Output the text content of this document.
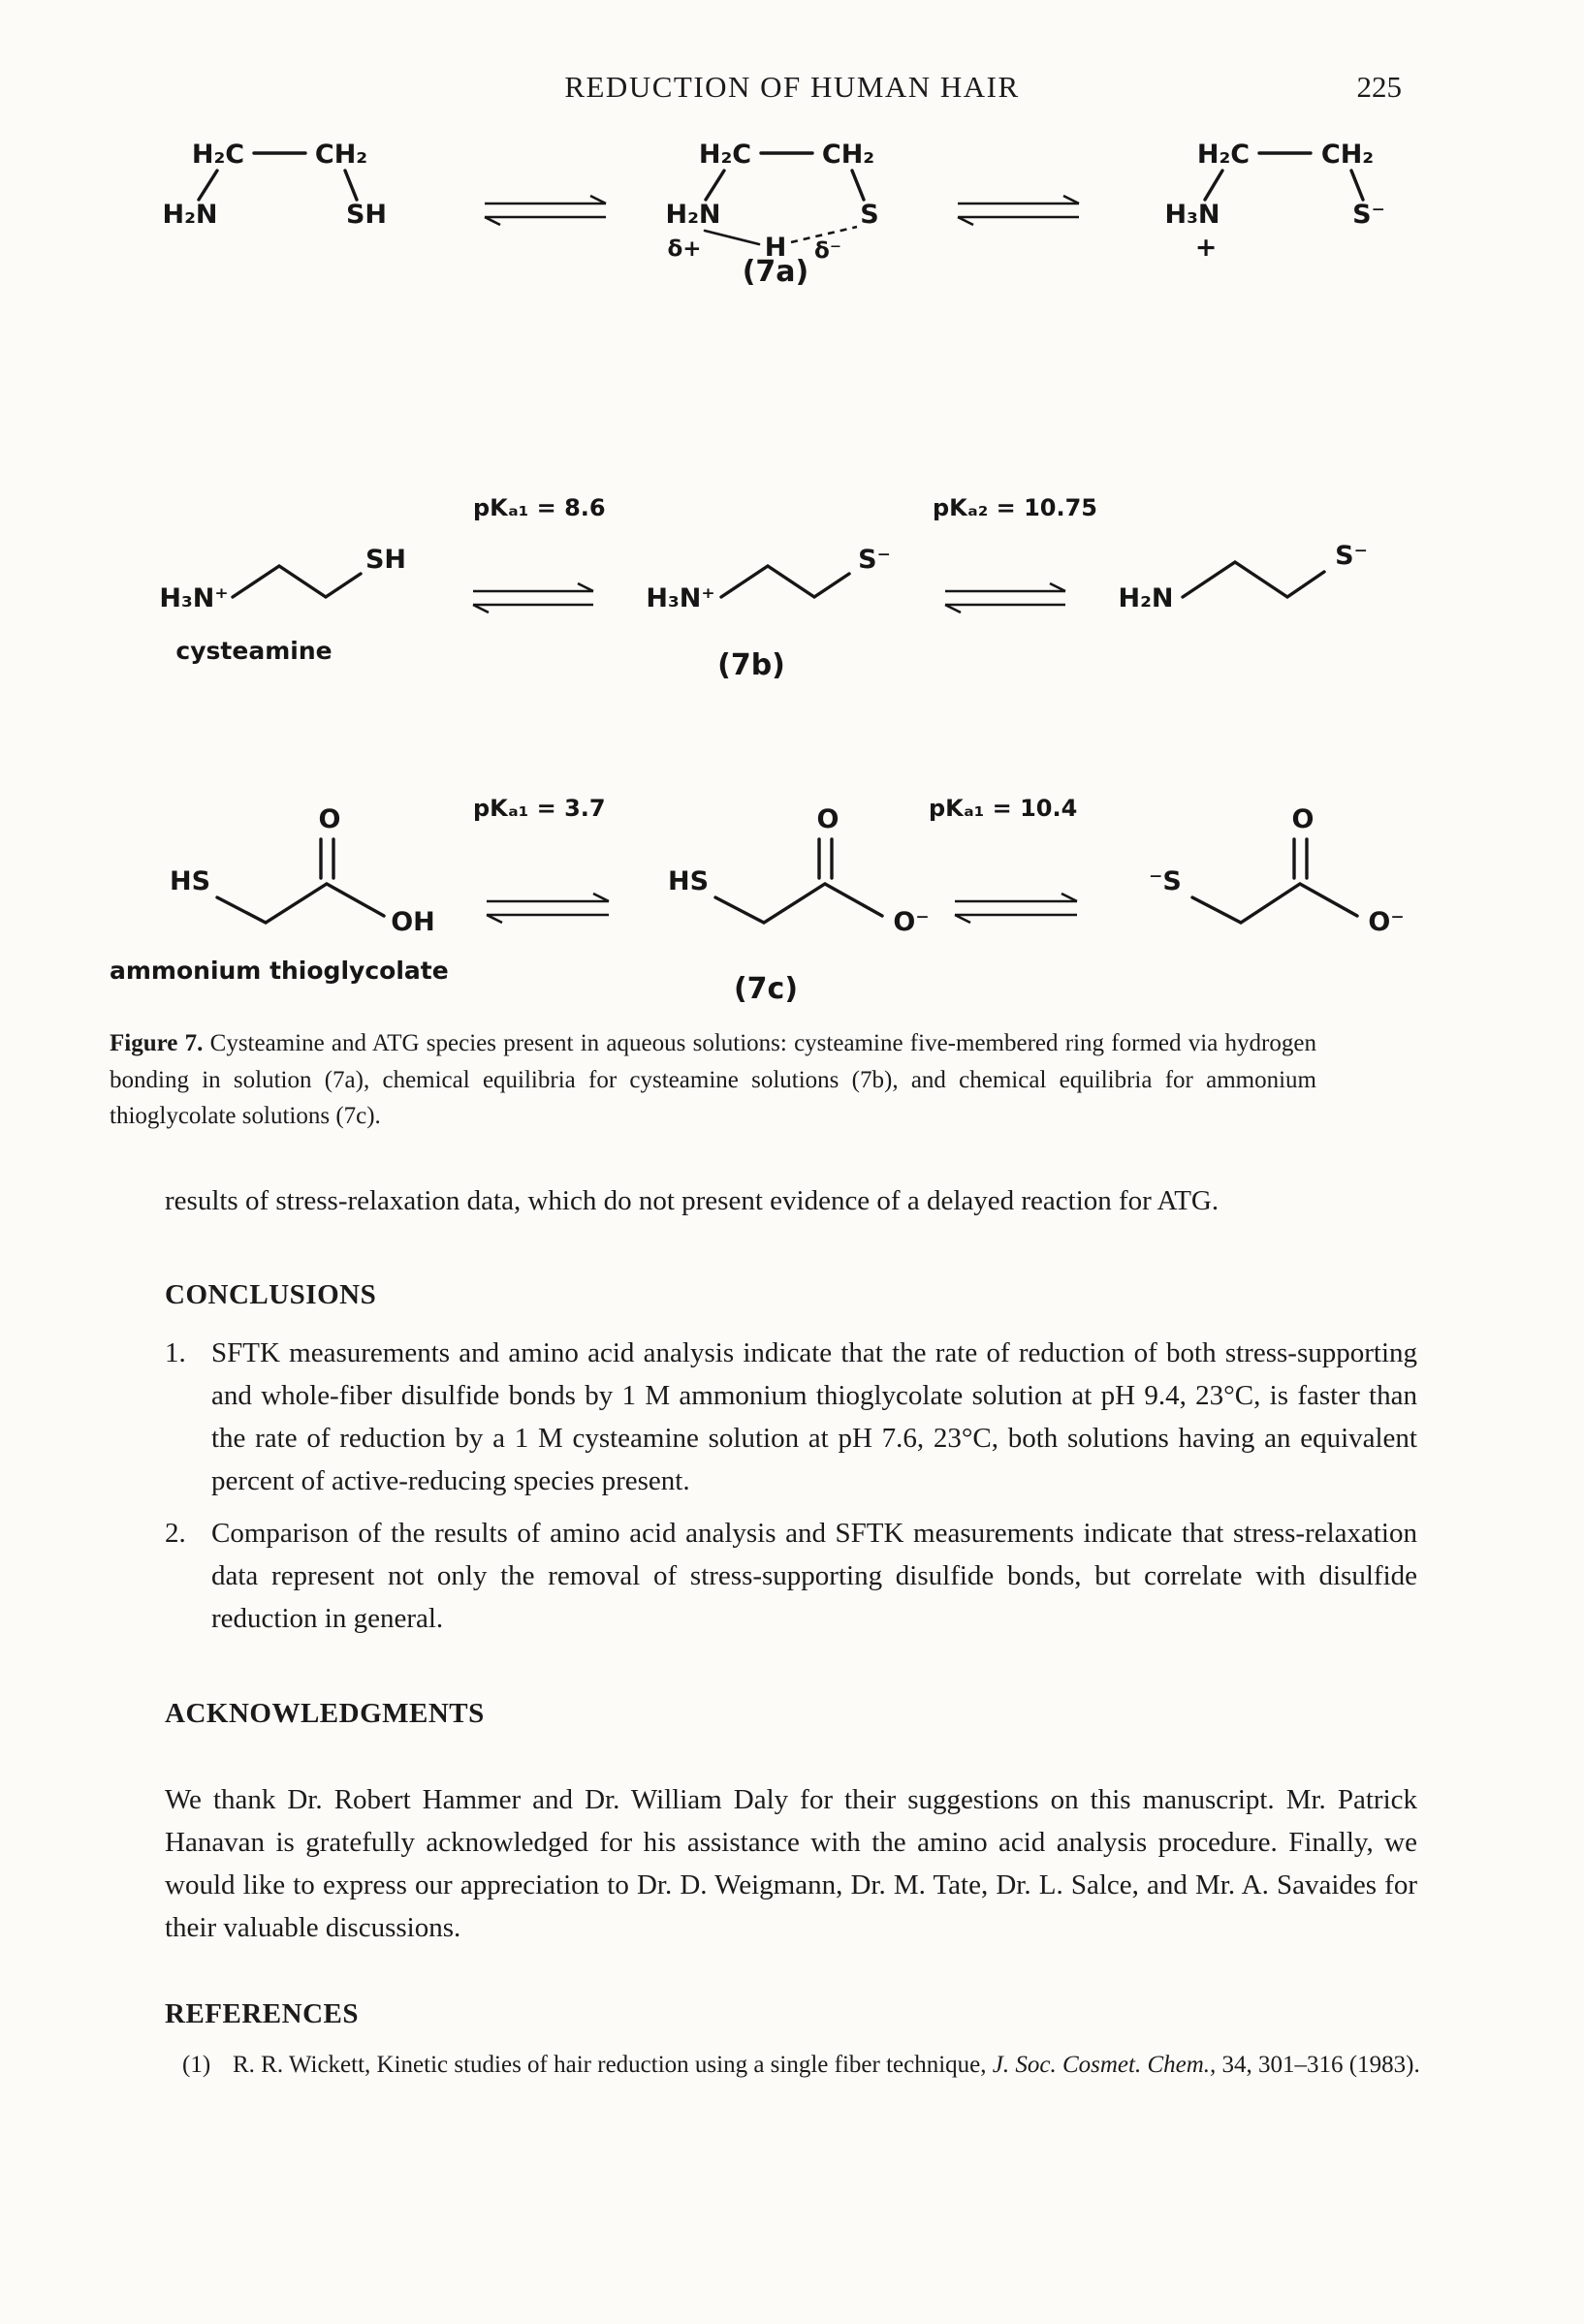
REDUCTION OF HUMAN HAIR	225
H₂C	CH₂
H₂N	SH
H₂C	CH₂
H₂N	S
δ+ H δ⁻
(7a)
H₂C	CH₂
H₃N
+
S⁻
pKₐ₁ = 8.6	pKₐ₂ = 10.75
H₃N⁺
SH
cysteamine
H₃N⁺
S⁻
(7b)
H₂N
S⁻
pKₐ₁ = 3.7	pKₐ₁ = 10.4
O
HS
OH
ammonium thioglycolate
O
HS
O⁻
(7c)
O
⁻S
O⁻
Figure 7. Cysteamine and ATG species present in aqueous solutions: cysteamine five-membered ring formed via hydrogen bonding in solution (7a), chemical equilibria for cysteamine solutions (7b), and chemical equilibria for ammonium thioglycolate solutions (7c).

results of stress-relaxation data, which do not present evidence of a delayed reaction for ATG.

CONCLUSIONS
1. SFTK measurements and amino acid analysis indicate that the rate of reduction of both stress-supporting and whole-fiber disulfide bonds by 1 M ammonium thioglycolate solution at pH 9.4, 23°C, is faster than the rate of reduction by a 1 M cysteamine solution at pH 7.6, 23°C, both solutions having an equivalent percent of active-reducing species present.
2. Comparison of the results of amino acid analysis and SFTK measurements indicate that stress-relaxation data represent not only the removal of stress-supporting disulfide bonds, but correlate with disulfide reduction in general.
ACKNOWLEDGMENTS

We thank Dr. Robert Hammer and Dr. William Daly for their suggestions on this manuscript. Mr. Patrick Hanavan is gratefully acknowledged for his assistance with the amino acid analysis procedure. Finally, we would like to express our appreciation to Dr. D. Weigmann, Dr. M. Tate, Dr. L. Salce, and Mr. A. Savaides for their valuable discussions.

REFERENCES
(1) R. R. Wickett, Kinetic studies of hair reduction using a single fiber technique, J. Soc. Cosmet. Chem., 34, 301–316 (1983).
